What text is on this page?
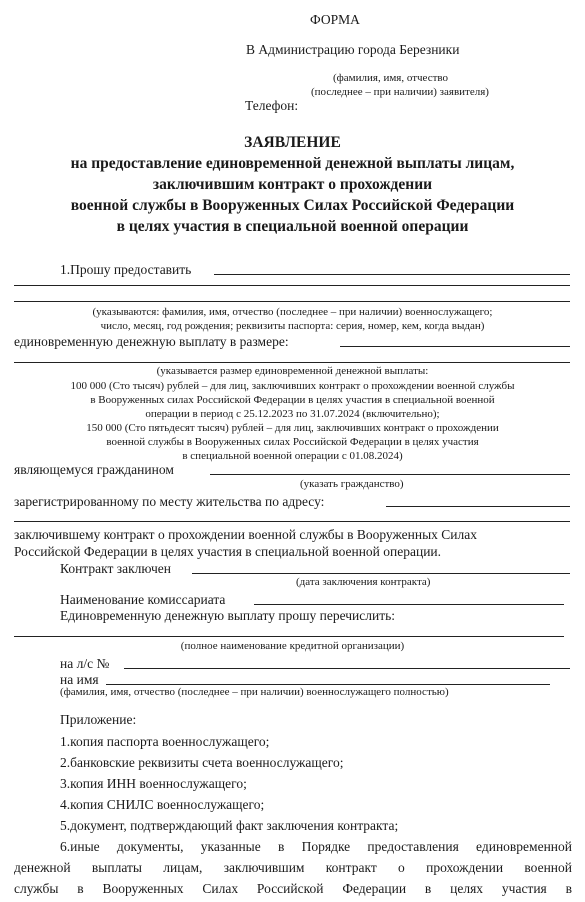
ФОРМА
В Администрацию города Березники
(фамилия, имя, отчество
(последнее – при наличии) заявителя)
Телефон:
ЗАЯВЛЕНИЕ
на предоставление единовременной денежной выплаты лицам,
заключившим контракт о прохождении
военной службы в Вооруженных Силах Российской Федерации
в целях участия в специальной военной операции
1.Прошу предоставить
(указываются: фамилия, имя, отчество (последнее – при наличии) военнослужащего;
число, месяц, год рождения; реквизиты паспорта: серия, номер, кем, когда выдан)
единовременную денежную выплату в размере:
(указывается размер единовременной денежной выплаты:
100 000 (Сто тысяч) рублей – для лиц, заключивших контракт о прохождении военной службы
в Вооруженных силах Российской Федерации в целях участия в специальной военной
операции в период с 25.12.2023 по 31.07.2024 (включительно);
150 000 (Сто пятьдесят тысяч) рублей – для лиц, заключивших контракт о прохождении
военной службы в Вооруженных силах Российской Федерации в целях участия
в специальной военной операции с 01.08.2024)
являющемуся гражданином
(указать гражданство)
зарегистрированному по месту жительства по адресу:
заключившему контракт о прохождении военной службы в Вооруженных Силах
Российской Федерации в целях участия в специальной военной операции.
Контракт заключен
(дата заключения контракта)
Наименование комиссариата
Единовременную денежную выплату прошу перечислить:
(полное наименование кредитной организации)
на л/с №
на имя
(фамилия, имя, отчество (последнее – при наличии) военнослужащего полностью)
Приложение:
1.копия паспорта военнослужащего;
2.банковские реквизиты счета военнослужащего;
3.копия ИНН военнослужащего;
4.копия СНИЛС военнослужащего;
5.документ, подтверждающий факт заключения контракта;
6.иные документы, указанные в Порядке предоставления единовременной
денежной выплаты лицам, заключившим контракт о прохождении военной
службы в Вооруженных Силах Российской Федерации в целях участия в
